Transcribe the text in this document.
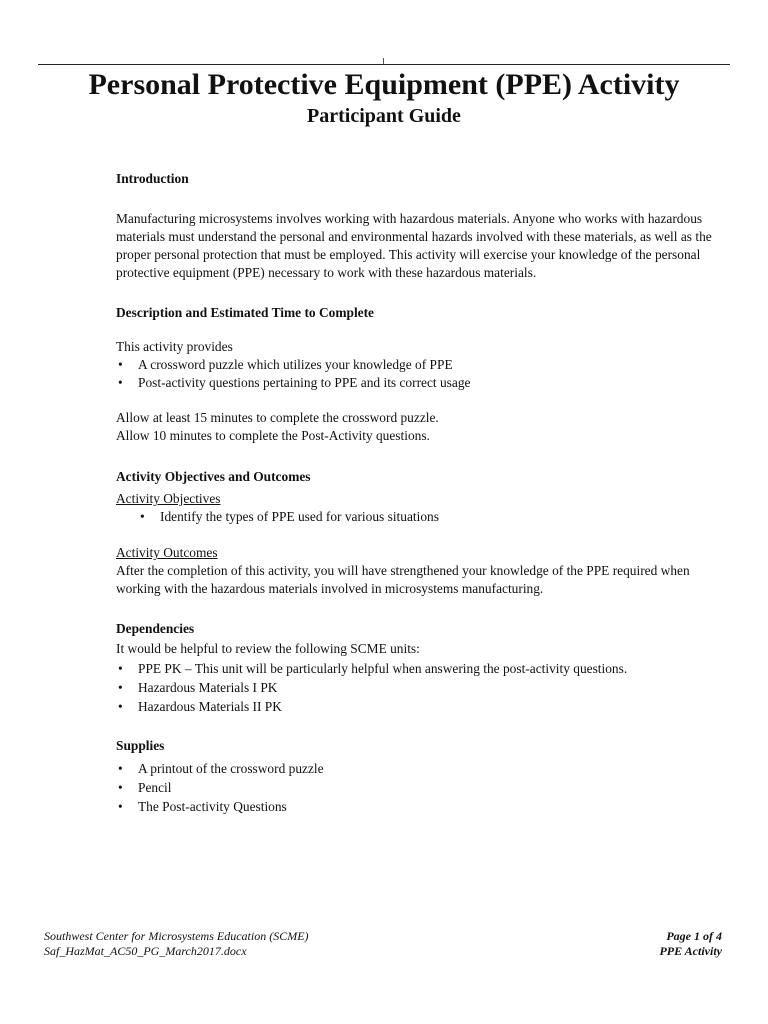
Personal Protective Equipment (PPE) Activity
Participant Guide

Introduction

Manufacturing microsystems involves working with hazardous materials. Anyone who works with hazardous materials must understand the personal and environmental hazards involved with these materials, as well as the proper personal protection that must be employed. This activity will exercise your knowledge of the personal protective equipment (PPE) necessary to work with these hazardous materials.

Description and Estimated Time to Complete

This activity provides

• A crossword puzzle which utilizes your knowledge of PPE
• Post-activity questions pertaining to PPE and its correct usage

Allow at least 15 minutes to complete the crossword puzzle.

Allow 10 minutes to complete the Post-Activity questions.

Activity Objectives and Outcomes

Activity Objectives

• Identify the types of PPE used for various situations

Activity Outcomes

After the completion of this activity, you will have strengthened your knowledge of the PPE required when working with the hazardous materials involved in microsystems manufacturing.

Dependencies

It would be helpful to review the following SCME units:

• PPE PK – This unit will be particularly helpful when answering the post-activity questions.
• Hazardous Materials I PK
• Hazardous Materials II PK

Supplies

• A printout of the crossword puzzle
• Pencil
• The Post-activity Questions
Southwest Center for Microsystems Education (SCME)
Saf_HazMat_AC50_PG_March2017.docx
Page 1 of 4
PPE Activity
